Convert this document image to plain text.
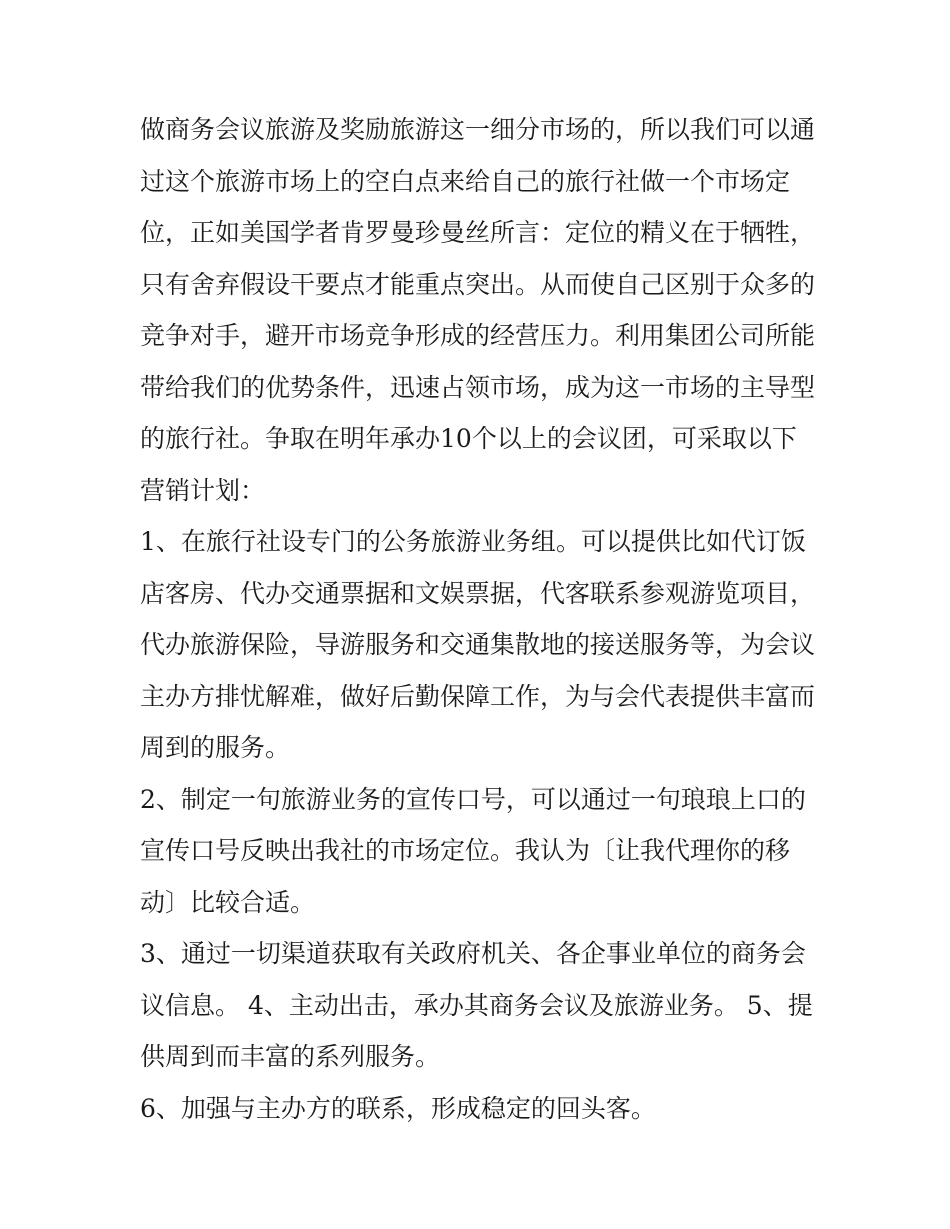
做商务会议旅游及奖励旅游这一细分市场的，所以我们可以通
过这个旅游市场上的空白点来给自己的旅行社做一个市场定
位，正如美国学者肯罗曼珍曼丝所言：定位的精义在于牺牲，
只有舍弃假设干要点才能重点突出。从而使自己区别于众多的
竞争对手，避开市场竞争形成的经营压力。利用集团公司所能
带给我们的优势条件，迅速占领市场，成为这一市场的主导型
的旅行社。争取在明年承办10个以上的会议团，可采取以下
营销计划：

1、在旅行社设专门的公务旅游业务组。可以提供比如代订饭
店客房、代办交通票据和文娱票据，代客联系参观游览项目，
代办旅游保险，导游服务和交通集散地的接送服务等，为会议
主办方排忧解难，做好后勤保障工作，为与会代表提供丰富而
周到的服务。

2、制定一句旅游业务的宣传口号，可以通过一句琅琅上口的
宣传口号反映出我社的市场定位。我认为〔让我代理你的移
动〕比较合适。

3、通过一切渠道获取有关政府机关、各企事业单位的商务会
议信息。 4、主动出击，承办其商务会议及旅游业务。 5、提
供周到而丰富的系列服务。

6、加强与主办方的联系，形成稳定的回头客。
